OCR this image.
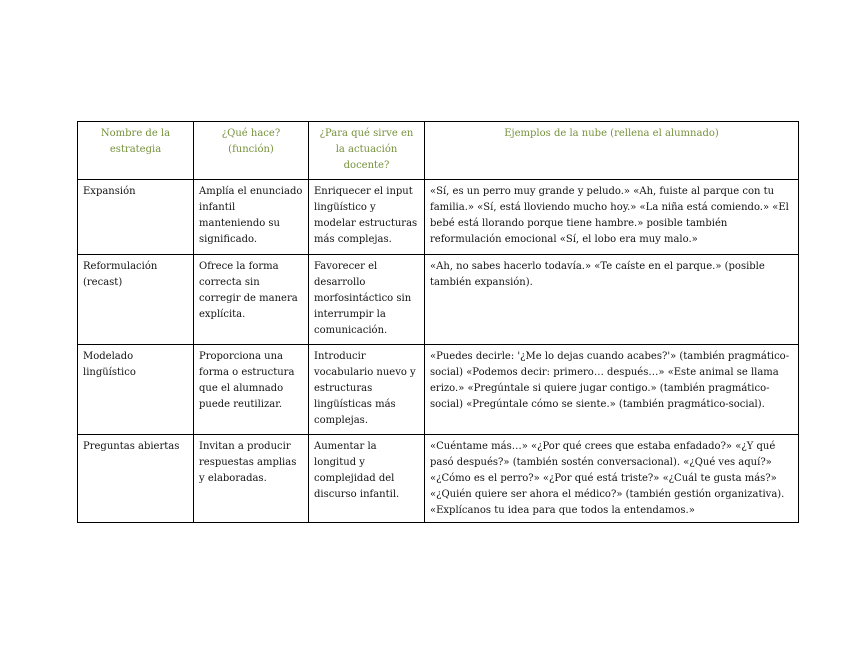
Nombre de la estrategia	¿Qué hace? (función)	¿Para qué sirve en la actuación docente?	Ejemplos de la nube (rellena el alumnado)
Expansión	Amplía el enunciado infantil manteniendo su significado.	Enriquecer el input lingüístico y modelar estructuras más complejas.	«Sí, es un perro muy grande y peludo.» «Ah, fuiste al parque con tu familia.» «Sí, está lloviendo mucho hoy.» «La niña está comiendo.» «El bebé está llorando porque tiene hambre.» posible también reformulación emocional «Sí, el lobo era muy malo.»
Reformulación (recast)	Ofrece la forma correcta sin corregir de manera explícita.	Favorecer el desarrollo morfosintáctico sin interrumpir la comunicación.	«Ah, no sabes hacerlo todavía.» «Te caíste en el parque.» (posible también expansión).
Modelado lingüístico	Proporciona una forma o estructura que el alumnado puede reutilizar.	Introducir vocabulario nuevo y estructuras lingüísticas más complejas.	«Puedes decirle: '¿Me lo dejas cuando acabes?'» (también pragmático-social) «Podemos decir: primero… después…» «Este animal se llama erizo.» «Pregúntale si quiere jugar contigo.» (también pragmático-social) «Pregúntale cómo se siente.» (también pragmático-social).
Preguntas abiertas	Invitan a producir respuestas amplias y elaboradas.	Aumentar la longitud y complejidad del discurso infantil.	«Cuéntame más…» «¿Por qué crees que estaba enfadado?» «¿Y qué pasó después?» (también sostén conversacional). «¿Qué ves aquí?» «¿Cómo es el perro?» «¿Por qué está triste?» «¿Cuál te gusta más?» «¿Quién quiere ser ahora el médico?» (también gestión organizativa). «Explícanos tu idea para que todos la entendamos.»
